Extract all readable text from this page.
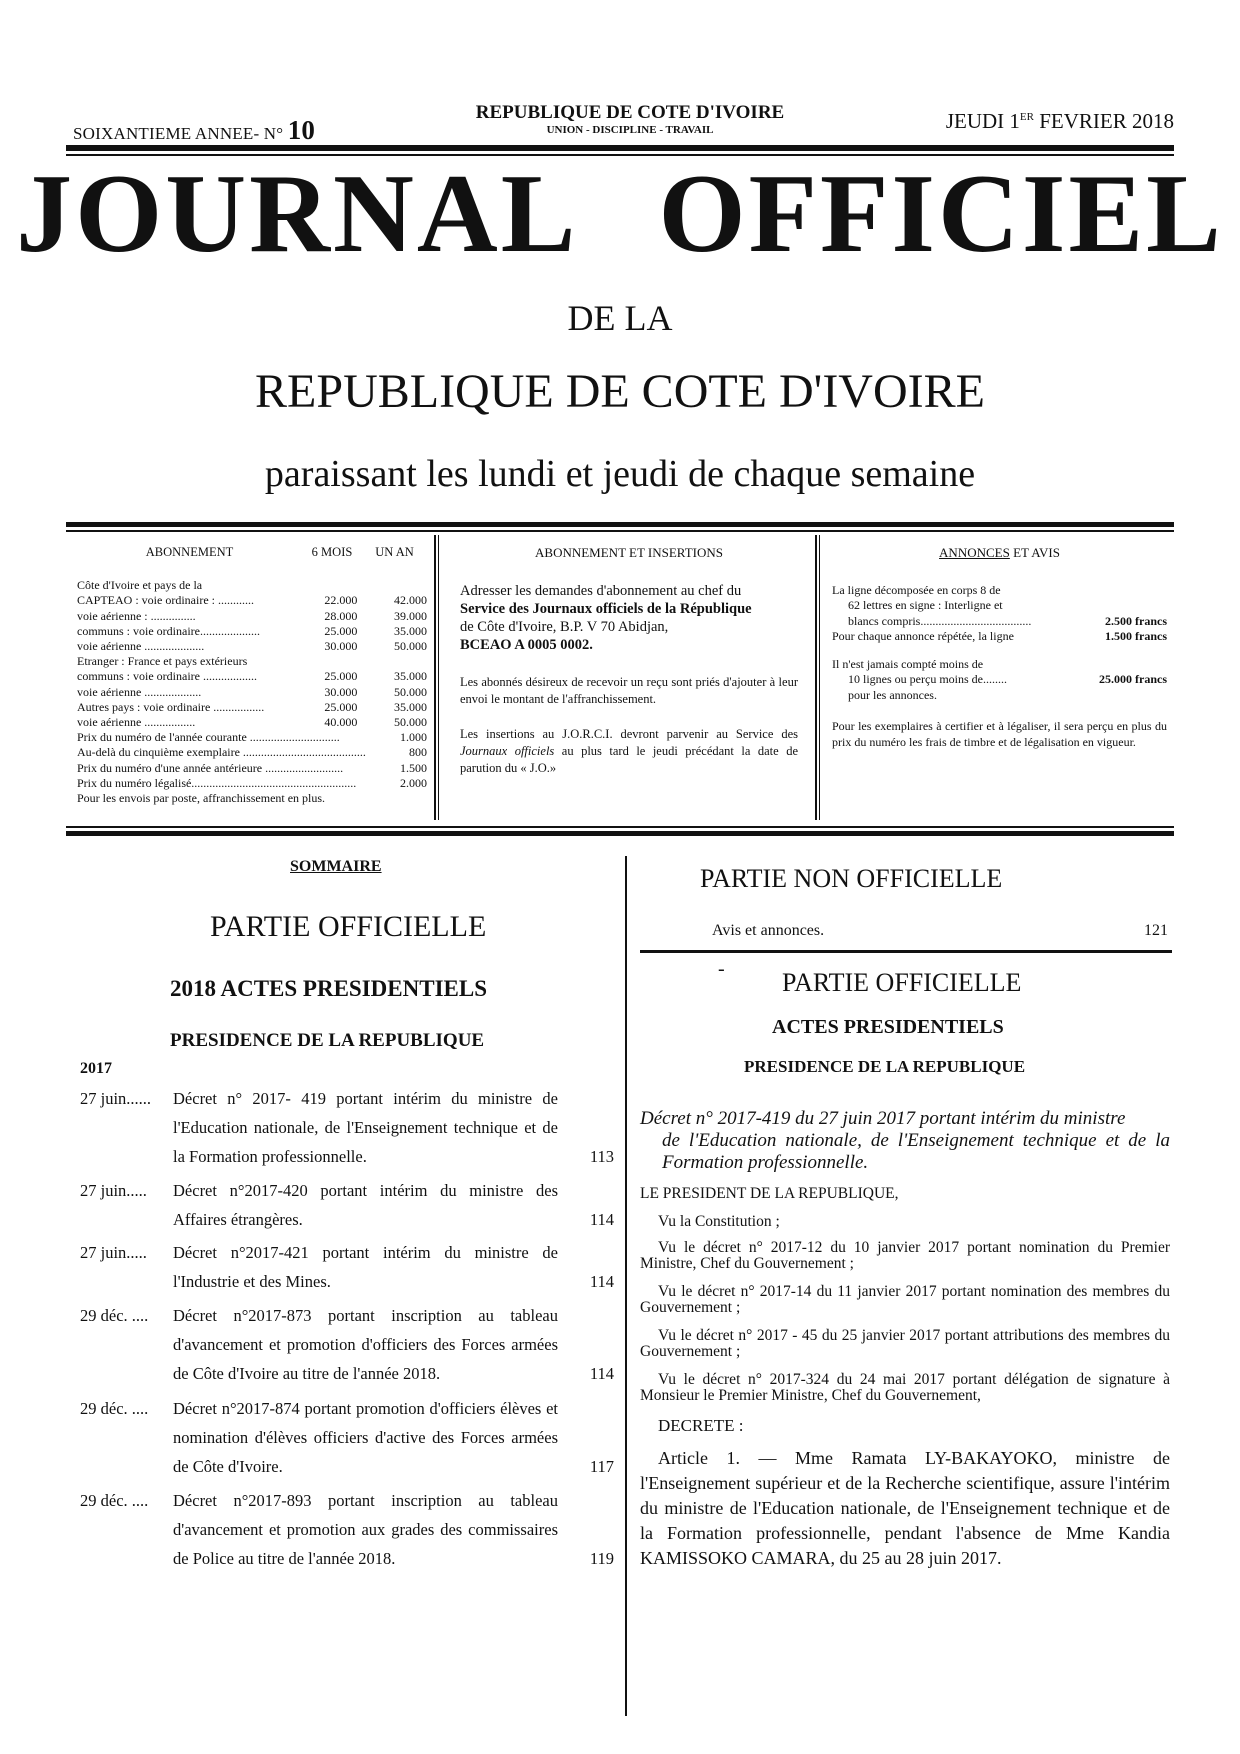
SOIXANTIEME ANNEE- N° 10
REPUBLIQUE DE COTE D'IVOIRE
UNION - DISCIPLINE - TRAVAIL	JEUDI 1ER FEVRIER 2018
JOURNAL OFFICIEL
DE LA
REPUBLIQUE DE COTE D'IVOIRE
paraissant les lundi et jeudi de chaque semaine
ABONNEMENT	6 MOIS	UN AN
Côte d'Ivoire et pays de la
CAPTEAO : voie ordinaire : ............	22.000	42.000
voie aérienne : ...............	28.000	39.000
communs : voie ordinaire....................	25.000	35.000
voie aérienne ....................	30.000	50.000
Etranger : France et pays extérieurs
communs : voie ordinaire ..................	25.000	35.000
voie aérienne ...................	30.000	50.000
Autres pays : voie ordinaire .................	25.000	35.000
voie aérienne .................	40.000	50.000
Prix du numéro de l'année courante ..............................	1.000
Au-delà du cinquième exemplaire .........................................	800
Prix du numéro d'une année antérieure ..........................	1.500
Prix du numéro légalisé.......................................................	2.000
Pour les envois par poste, affranchissement en plus.
ABONNEMENT ET INSERTIONS
Adresser les demandes d'abonnement au chef du
Service des Journaux officiels de la République
de Côte d'Ivoire, B.P. V 70 Abidjan,
BCEAO A 0005 0002.
Les abonnés désireux de recevoir un reçu sont priés d'ajouter à leur envoi le montant de l'affranchissement.
Les insertions au J.O.R.C.I. devront parvenir au Service des Journaux officiels au plus tard le jeudi précédant la date de parution du « J.O.»
ANNONCES ET AVIS
La ligne décomposée en corps 8 de
62 lettres en signe : Interligne et
blancs compris.....................................	2.500 francs
Pour chaque annonce répétée, la ligne	1.500 francs
Il n'est jamais compté moins de
10 lignes ou perçu moins de........	25.000 francs
pour les annonces.
Pour les exemplaires à certifier et à légaliser, il sera perçu en plus du prix du numéro les frais de timbre et de légalisation en vigueur.
SOMMAIRE
PARTIE OFFICIELLE
2018 ACTES PRESIDENTIELS
PRESIDENCE DE LA REPUBLIQUE
2017
27 juin......	Décret n° 2017- 419 portant intérim du ministre de l'Education nationale, de l'Enseignement technique et de la Formation professionnelle.	113
27 juin.....	Décret n°2017-420 portant intérim du ministre des Affaires étrangères.	114
27 juin.....	Décret n°2017-421 portant intérim du ministre de l'Industrie et des Mines.	114
29 déc. ....	Décret n°2017-873 portant inscription au tableau d'avancement et promotion d'officiers des Forces armées de Côte d'Ivoire au titre de l'année 2018.	114
29 déc. ....	Décret n°2017-874 portant promotion d'officiers élèves et nomination d'élèves officiers d'active des Forces armées de Côte d'Ivoire.	117
29 déc. ....	Décret n°2017-893 portant inscription au tableau d'avancement et promotion aux grades des commissaires de Police au titre de l'année 2018.	119
PARTIE NON OFFICIELLE
Avis et annonces.	121
- PARTIE OFFICIELLE
ACTES PRESIDENTIELS
PRESIDENCE DE LA REPUBLIQUE
Décret n° 2017-419 du 27 juin 2017 portant intérim du ministre
de l'Education nationale, de l'Enseignement technique et de la Formation professionnelle.
LE PRESIDENT DE LA REPUBLIQUE,
Vu la Constitution ;
Vu le décret n° 2017-12 du 10 janvier 2017 portant nomination du Premier Ministre, Chef du Gouvernement ;
Vu le décret n° 2017-14 du 11 janvier 2017 portant nomination des membres du Gouvernement ;
Vu le décret n° 2017 - 45 du 25 janvier 2017 portant attributions des membres du Gouvernement ;
Vu le décret n° 2017-324 du 24 mai 2017 portant délégation de signature à Monsieur le Premier Ministre, Chef du Gouvernement,
DECRETE :
Article 1. — Mme Ramata LY-BAKAYOKO, ministre de l'Enseignement supérieur et de la Recherche scientifique, assure l'intérim du ministre de l'Education nationale, de l'Enseignement technique et de la Formation professionnelle, pendant l'absence de Mme Kandia KAMISSOKO CAMARA, du 25 au 28 juin 2017.
